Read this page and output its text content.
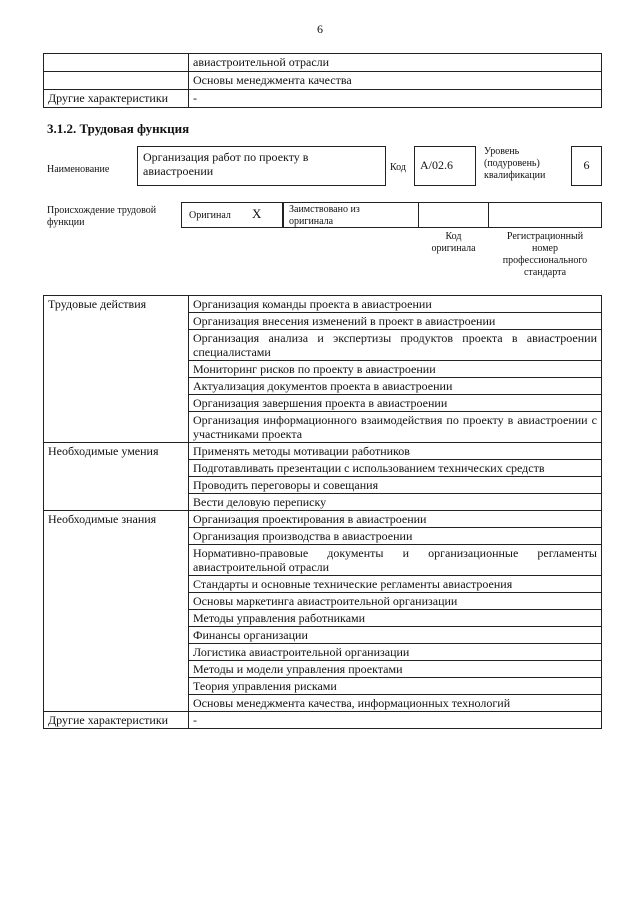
6
	авиастроительной отрасли
	Основы менеджмента качества
Другие характеристики	-
3.1.2. Трудовая функция
Наименование
Организация работ по проекту в
авиастроении	Код	A/02.6
Уровень
(подуровень)
квалификации
6
Происхождение трудовой
функции
Оригинал X	Заимствовано из
оригинала
Код
оригинала
Регистрационный
номер
профессионального
стандарта
Трудовые действия	Организация команды проекта в авиастроении
	Организация внесения изменений в проект в авиастроении
	Организация анализа и экспертизы продуктов проекта в авиастроении специалистами
	Мониторинг рисков по проекту в авиастроении
	Актуализация документов проекта в авиастроении
	Организация завершения проекта в авиастроении
	Организация информационного взаимодействия по проекту в авиастроении с участниками проекта
Необходимые умения	Применять методы мотивации работников
	Подготавливать презентации с использованием технических средств
	Проводить переговоры и совещания
	Вести деловую переписку
Необходимые знания	Организация проектирования в авиастроении
	Организация производства в авиастроении
	Нормативно-правовые документы и организационные регламенты авиастроительной отрасли
	Стандарты и основные технические регламенты авиастроения
	Основы маркетинга авиастроительной организации
	Методы управления работниками
	Финансы организации
	Логистика авиастроительной организации
	Методы и модели управления проектами
	Теория управления рисками
	Основы менеджмента качества, информационных технологий
Другие характеристики	-
